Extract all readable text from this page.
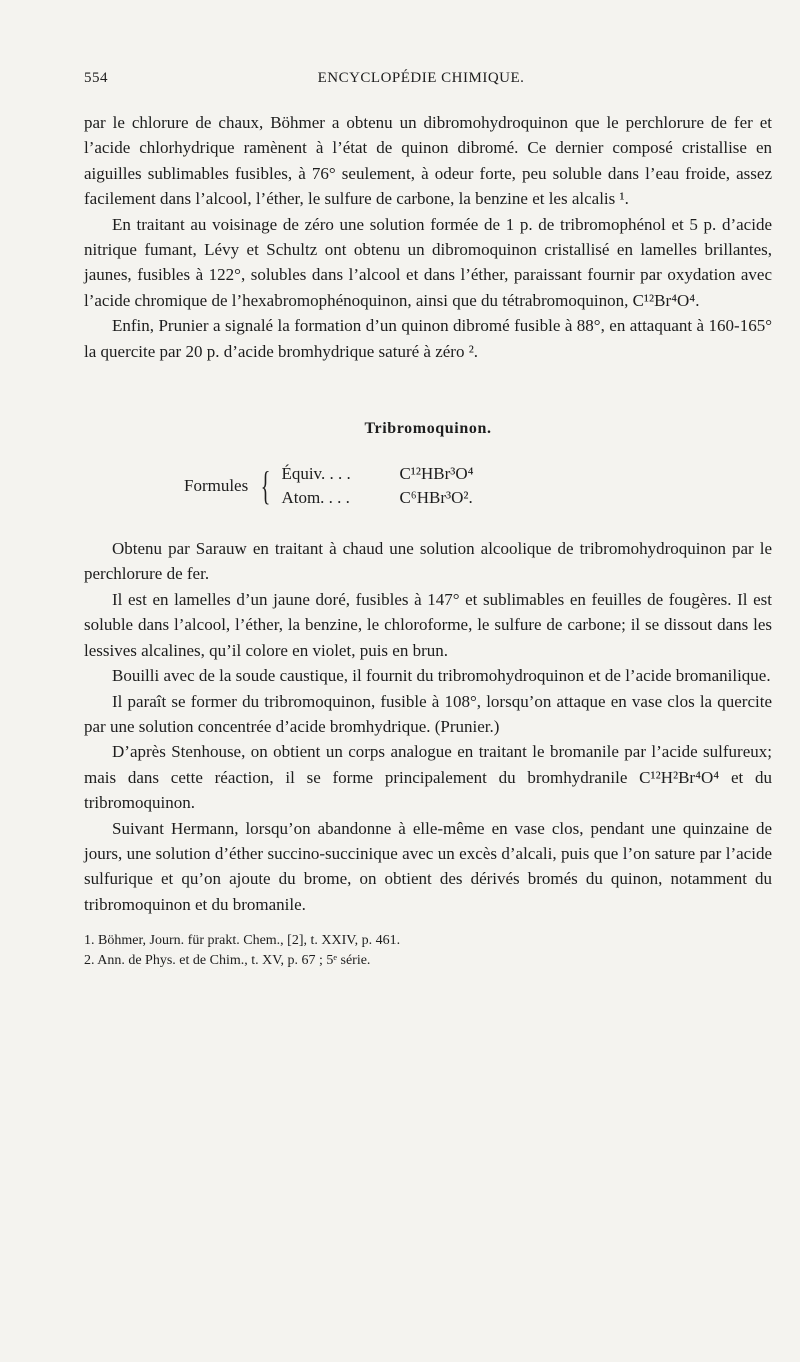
554	ENCYCLOPÉDIE CHIMIQUE.

par le chlorure de chaux, Böhmer a obtenu un dibromohydroquinon que le perchlorure de fer et l’acide chlorhydrique ramènent à l’état de quinon dibromé. Ce dernier composé cristallise en aiguilles sublimables fusibles, à 76° seulement, à odeur forte, peu soluble dans l’eau froide, assez facilement dans l’alcool, l’éther, le sulfure de carbone, la benzine et les alcalis ¹.

En traitant au voisinage de zéro une solution formée de 1 p. de tribromophénol et 5 p. d’acide nitrique fumant, Lévy et Schultz ont obtenu un dibromoquinon cristallisé en lamelles brillantes, jaunes, fusibles à 122°, solubles dans l’alcool et dans l’éther, paraissant fournir par oxydation avec l’acide chromique de l’hexabromophénoquinon, ainsi que du tétrabromoquinon, C¹²Br⁴O⁴.

Enfin, Prunier a signalé la formation d’un quinon dibromé fusible à 88°, en attaquant à 160-165° la quercite par 20 p. d’acide bromhydrique saturé à zéro ².

Tribromoquinon.
Formules { Équiv. . . .	C¹²HBr³O⁴
Atom. . . .	C⁶HBr³O².

Obtenu par Sarauw en traitant à chaud une solution alcoolique de tribromohydroquinon par le perchlorure de fer.

Il est en lamelles d’un jaune doré, fusibles à 147° et sublimables en feuilles de fougères. Il est soluble dans l’alcool, l’éther, la benzine, le chloroforme, le sulfure de carbone; il se dissout dans les lessives alcalines, qu’il colore en violet, puis en brun.

Bouilli avec de la soude caustique, il fournit du tribromohydroquinon et de l’acide bromanilique.

Il paraît se former du tribromoquinon, fusible à 108°, lorsqu’on attaque en vase clos la quercite par une solution concentrée d’acide bromhydrique. (Prunier.)

D’après Stenhouse, on obtient un corps analogue en traitant le bromanile par l’acide sulfureux; mais dans cette réaction, il se forme principalement du bromhydranile C¹²H²Br⁴O⁴ et du tribromoquinon.

Suivant Hermann, lorsqu’on abandonne à elle-même en vase clos, pendant une quinzaine de jours, une solution d’éther succino-succinique avec un excès d’alcali, puis que l’on sature par l’acide sulfurique et qu’on ajoute du brome, on obtient des dérivés bromés du quinon, notamment du tribromoquinon et du bromanile.

1. Böhmer, Journ. für prakt. Chem., [2], t. XXIV, p. 461.
2. Ann. de Phys. et de Chim., t. XV, p. 67 ; 5ᵉ série.
